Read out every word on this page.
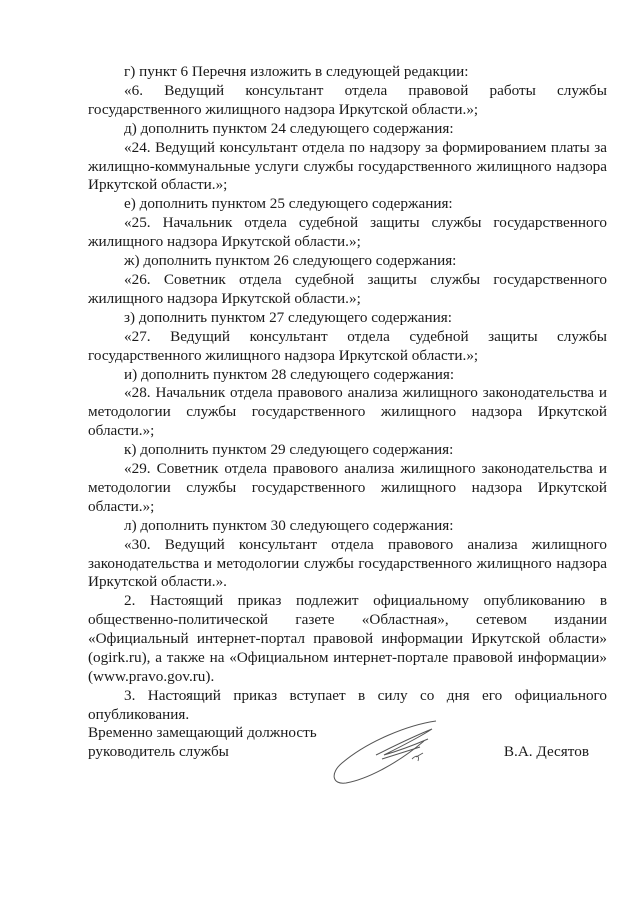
г) пункт 6 Перечня изложить в следующей редакции:

«6. Ведущий консультант отдела правовой работы службы государственного жилищного надзора Иркутской области.»;

д) дополнить пунктом 24 следующего содержания:

«24. Ведущий консультант отдела по надзору за формированием платы за жилищно-коммунальные услуги службы государственного жилищного надзора Иркутской области.»;

е) дополнить пунктом 25 следующего содержания:

«25. Начальник отдела судебной защиты службы государственного жилищного надзора Иркутской области.»;

ж) дополнить пунктом 26 следующего содержания:

«26. Советник отдела судебной защиты службы государственного жилищного надзора Иркутской области.»;

з) дополнить пунктом 27 следующего содержания:

«27. Ведущий консультант отдела судебной защиты службы государственного жилищного надзора Иркутской области.»;

и) дополнить пунктом 28 следующего содержания:

«28. Начальник отдела правового анализа жилищного законодательства и методологии службы государственного жилищного надзора Иркутской области.»;

к) дополнить пунктом 29 следующего содержания:

«29. Советник отдела правового анализа жилищного законодательства и методологии службы государственного жилищного надзора Иркутской области.»;

л) дополнить пунктом 30 следующего содержания:

«30. Ведущий консультант отдела правового анализа жилищного законодательства и методологии службы государственного жилищного надзора Иркутской области.».

2. Настоящий приказ подлежит официальному опубликованию в общественно-политической газете «Областная», сетевом издании «Официальный интернет-портал правовой информации Иркутской области» (ogirk.ru), а также на «Официальном интернет-портале правовой информации» (www.pravo.gov.ru).

3. Настоящий приказ вступает в силу со дня его официального опубликования.

Временно замещающий должность
руководитель службы	В.А. Десятов
